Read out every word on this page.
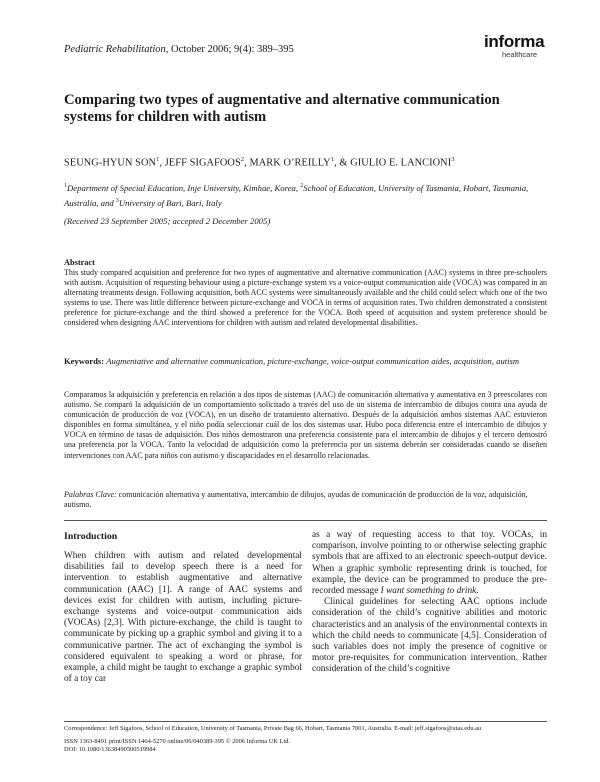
Pediatric Rehabilitation, October 2006; 9(4): 389–395	informa
healthcare
Comparing two types of augmentative and alternative communication systems for children with autism
SEUNG-HYUN SON$^1$, JEFF SIGAFOOS$^2$, MARK O’REILLY$^1$, & GIULIO E. LANCIONI$^3$
$^1$Department of Special Education, Inje University, Kimhae, Korea, $^2$School of Education, University of Tasmania, Hobart, Tasmania, Australia, and $^3$University of Bari, Bari, Italy
(Received 23 September 2005; accepted 2 December 2005)
Abstract

This study compared acquisition and preference for two types of augmentative and alternative communication (AAC) systems in three pre-schoolers with autism. Acquisition of requesting behaviour using a picture-exchange system vs a voice-output communication aide (VOCA) was compared in an alternating treatments design. Following acquisition, both ACC systems were simultaneously available and the child could select which one of the two systems to use. There was little difference between picture-exchange and VOCA in terms of acquisition rates. Two children demonstrated a consistent preference for picture-exchange and the third showed a preference for the VOCA. Both speed of acquisition and system preference should be considered when designing AAC interventions for children with autism and related developmental disabilities.

Keywords: Augmentative and alternative communication, picture-exchange, voice-output communication aides, acquisition, autism
Comparamos la adquisición y preferencia en relación a dos tipos de sistemas (AAC) de comunicación alternativa y aumentativa en 3 preescolares con autismo. Se comparó la adquisición de un comportamiento solicitado a través del uso de un sistema de intercambio de dibujos contra una ayuda de comunicación de producción de voz (VOCA), en un diseño de tratamiento alternativo. Después de la adquisición ambos sistemas AAC estuvieron disponibles en forma simultánea, y el niño podía seleccionar cuál de los dos sistemas usar. Hubo poca diferencia entre el intercambio de dibujos y VOCA en término de tasas de adquisición. Dos niños demostraron una preferencia consistente para el intercambio de dibujos y el tercero demostró una preferencia por la VOCA. Tanto la velocidad de adquisición como la preferencia por un sistema deberán ser consideradas cuando se diseñen intervenciones con AAC para niños con autismo y discapacidades en el desarrollo relacionadas.
Palabras Clave: comunicación alternativa y aumentativa, intercambio de dibujos, ayudas de comunicación de producción de la voz, adquisición, autismo.
Introduction

When children with autism and related developmental disabilities fail to develop speech there is a need for intervention to establish augmentative and alternative communication (AAC) [1]. A range of AAC systems and devices exist for children with autism, including picture-exchange systems and voice-output communication aids (VOCAs) [2,3]. With picture-exchange, the child is taught to communicate by picking up a graphic symbol and giving it to a communicative partner. The act of exchanging the symbol is considered equivalent to speaking a word or phrase, for example, a child might be taught to exchange a graphic symbol of a toy car

as a way of requesting access to that toy. VOCAs, in comparison, involve pointing to or otherwise selecting graphic symbols that are affixed to an electronic speech-output device. When a graphic symbolic representing drink is touched, for example, the device can be programmed to produce the pre-recorded message I want something to drink.

Clinical guidelines for selecting AAC options include consideration of the child’s cognitive abilities and motoric characteristics and an analysis of the environmental contexts in which the child needs to communicate [4,5]. Consideration of such variables does not imply the presence of cognitive or motor pre-requisites for communication intervention. Rather consideration of the child’s cognitive

Correspondence: Jeff Sigafoos, School of Education, University of Tasmania, Private Bag 66, Hobart, Tasmania 7001, Australia. E-mail: jeff.sigafoos@utas.edu.au
ISSN 1363-8491 print/ISSN 1464-5270 online/06/040389-395 © 2006 Informa UK Ltd.
DOI: 10.1080/13638490500519984
